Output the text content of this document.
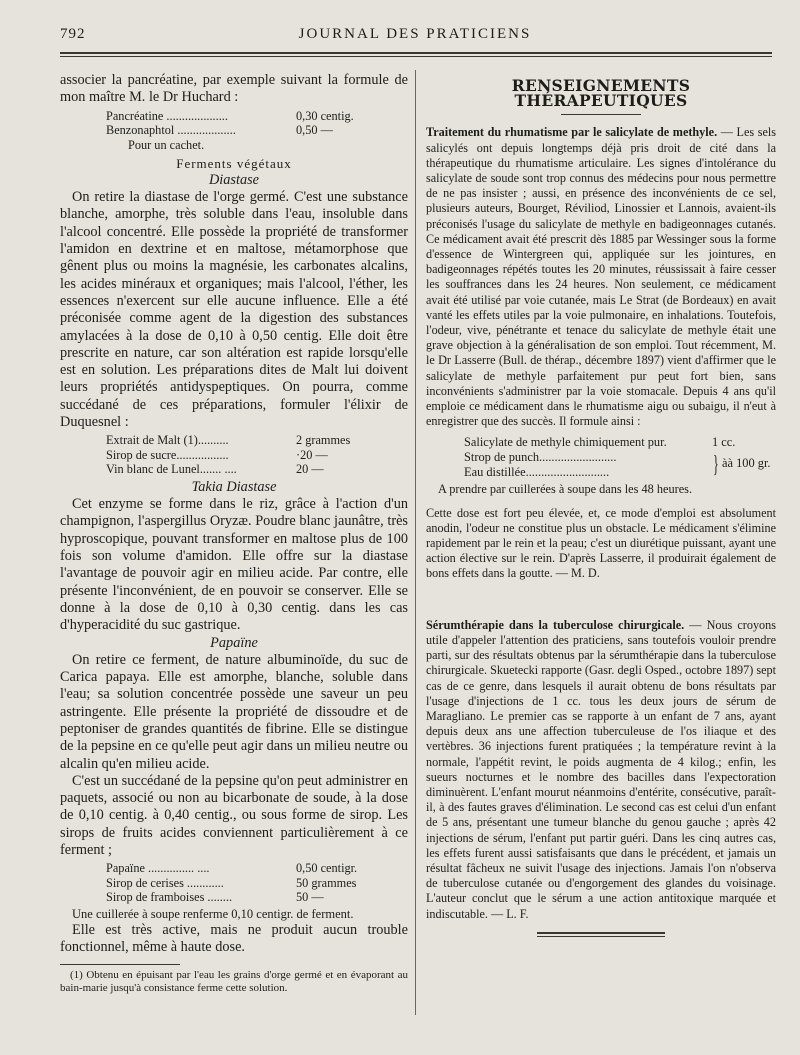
792	JOURNAL DES PRATICIENS

associer la pancréatine, par exemple suivant la formule de mon maître M. le Dr Huchard :

Pancréatine ....................	0,30 centig.
Benzonaphtol ...................	0,50 —
Pour un cachet.
Ferments végétaux
Diastase

On retire la diastase de l'orge germé. C'est une substance blanche, amorphe, très soluble dans l'eau, insoluble dans l'alcool concentré. Elle possède la propriété de transformer l'amidon en dextrine et en maltose, métamorphose que gênent plus ou moins la magnésie, les carbonates alcalins, les acides minéraux et organiques; mais l'alcool, l'éther, les essences n'exercent sur elle aucune influence. Elle a été préconisée comme agent de la digestion des substances amylacées à la dose de 0,10 à 0,50 centig. Elle doit être prescrite en nature, car son altération est rapide lorsqu'elle est en solution. Les préparations dites de Malt lui doivent leurs propriétés antidyspeptiques. On pourra, comme succédané de ces préparations, formuler l'élixir de Duquesnel :

Extrait de Malt (1)..........	2 grammes
Sirop de sucre.................	·20 —
Vin blanc de Lunel....... ....	20 —
Takia Diastase

Cet enzyme se forme dans le riz, grâce à l'action d'un champignon, l'aspergillus Oryzæ. Poudre blanc jaunâtre, très hyproscopique, pouvant transformer en maltose plus de 100 fois son volume d'amidon. Elle offre sur la diastase l'avantage de pouvoir agir en milieu acide. Par contre, elle présente l'inconvénient, de en pouvoir se conserver. Elle se donne à la dose de 0,10 à 0,30 centig. dans les cas d'hyperacidité du suc gastrique.

Papaïne

On retire ce ferment, de nature albuminoïde, du suc de Carica papaya. Elle est amorphe, blanche, soluble dans l'eau; sa solution concentrée possède une saveur un peu astringente. Elle présente la propriété de dissoudre et de peptoniser de grandes quantités de fibrine. Elle se distingue de la pepsine en ce qu'elle peut agir dans un milieu neutre ou alcalin qu'en milieu acide.

C'est un succédané de la pepsine qu'on peut administrer en paquets, associé ou non au bicarbonate de soude, à la dose de 0,10 centig. à 0,40 centig., ou sous forme de sirop. Les sirops de fruits acides conviennent particulièrement à ce ferment ;

Papaïne ............... ....	0,50 centigr.
Sirop de cerises ............	50 grammes
Sirop de framboises ........	50 —

Une cuillerée à soupe renferme 0,10 centigr. de ferment.

Elle est très active, mais ne produit aucun trouble fonctionnel, même à haute dose.

(1) Obtenu en épuisant par l'eau les grains d'orge germé et en évaporant au bain-marie jusqu'à consistance ferme cette solution.

RENSEIGNEMENTS THÉRAPEUTIQUES

Traitement du rhumatisme par le salicylate de methyle. — Les sels salicylés ont depuis longtemps déjà pris droit de cité dans la thérapeutique du rhumatisme articulaire. Les signes d'intolérance du salicylate de soude sont trop connus des médecins pour nous permettre de ne pas insister ; aussi, en présence des inconvénients de ce sel, plusieurs auteurs, Bourget, Réviliod, Linossier et Lannois, avaient-ils préconisés l'usage du salicylate de methyle en badigeonnages cutanés. Ce médicament avait été prescrit dès 1885 par Wessinger sous la forme d'essence de Wintergreen qui, appliquée sur les jointures, en badigeonnages répétés toutes les 20 minutes, réussissait à faire cesser les souffrances dans les 24 heures. Non seulement, ce médicament avait été utilisé par voie cutanée, mais Le Strat (de Bordeaux) en avait vanté les effets utiles par la voie pulmonaire, en inhalations. Toutefois, l'odeur, vive, pénétrante et tenace du salicylate de methyle était une grave objection à la généralisation de son emploi. Tout récemment, M. le Dr Lasserre (Bull. de thérap., décembre 1897) vient d'affirmer que le salicylate de methyle parfaitement pur peut fort bien, sans inconvénients s'administrer par la voie stomacale. Depuis 4 ans qu'il emploie ce médicament dans le rhumatisme aigu ou subaigu, il n'eut à enregistrer que des succès. Il formule ainsi :

Salicylate de methyle chimiquement pur.	1 cc.
Strop de punch.........................
Eau distillée...........................	} àà 100 gr.

A prendre par cuillerées à soupe dans les 48 heures.

Cette dose est fort peu élevée, et, ce mode d'emploi est absolument anodin, l'odeur ne constitue plus un obstacle. Le médicament s'élimine rapidement par le rein et la peau; c'est un diurétique puissant, ayant une action élective sur le rein. D'après Lasserre, il produirait également de bons effets dans la goutte. — M. D.

Sérumthérapie dans la tuberculose chirurgicale. — Nous croyons utile d'appeler l'attention des praticiens, sans toutefois vouloir prendre parti, sur des résultats obtenus par la sérumthérapie dans la tuberculose chirurgicale. Skuetecki rapporte (Gasr. degli Osped., octobre 1897) sept cas de ce genre, dans lesquels il aurait obtenu de bons résultats par l'usage d'injections de 1 cc. tous les deux jours de sérum de Maragliano. Le premier cas se rapporte à un enfant de 7 ans, ayant depuis deux ans une affection tuberculeuse de l'os iliaque et des vertèbres. 36 injections furent pratiquées ; la température revint à la normale, l'appétit revint, le poids augmenta de 4 kilog.; enfin, les sueurs nocturnes et le nombre des bacilles dans l'expectoration diminuèrent. L'enfant mourut néanmoins d'entérite, consécutive, paraît-il, à des fautes graves d'élimination. Le second cas est celui d'un enfant de 5 ans, présentant une tumeur blanche du genou gauche ; après 42 injections de sérum, l'enfant put partir guéri. Dans les cinq autres cas, les effets furent aussi satisfaisants que dans le précédent, et jamais un résultat fâcheux ne suivit l'usage des injections. Jamais l'on n'observa de tuberculose cutanée ou d'engorgement des glandes du voisinage. L'auteur conclut que le sérum a une action antitoxique marquée et indiscutable. — L. F.
